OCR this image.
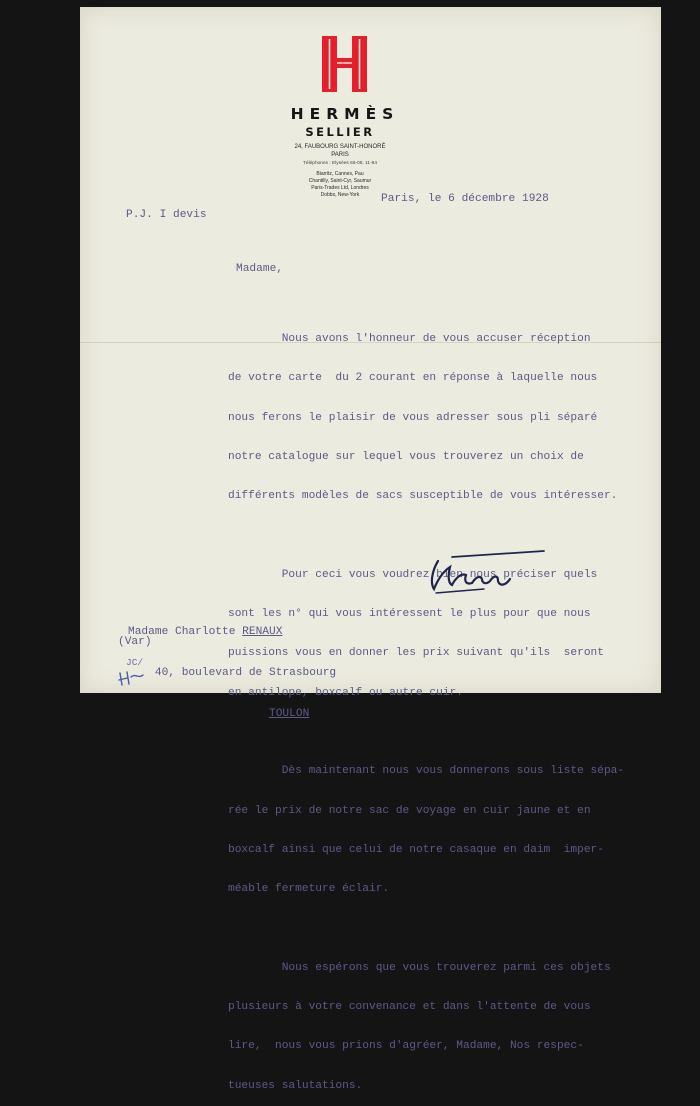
HERMÈS
SELLIER
24, FAUBOURG SAINT-HONORÉ
PARIS
Téléphones : Elysées 66-08, 11-94
Biarritz, Cannes, Pau
Chantilly, Saint-Cyr, Saumur
Paris-Trades Ltd, Londres
Dobbs, New-York	Paris, le 6 décembre 1928
P.J. I devis
Madame,

Nous avons l'honneur de vous accuser réception

de votre carte  du 2 courant en réponse à laquelle nous

nous ferons le plaisir de vous adresser sous pli séparé

notre catalogue sur lequel vous trouverez un choix de

différents modèles de sacs susceptible de vous intéresser.

Pour ceci vous voudrez bien nous préciser quels

sont les n° qui vous intéressent le plus pour que nous

puissions vous en donner les prix suivant qu'ils  seront

en antilope, boxcalf ou autre cuir.

Dès maintenant nous vous donnerons sous liste sépa-

rée le prix de notre sac de voyage en cuir jaune et en

boxcalf ainsi que celui de notre casaque en daim  imper-

méable fermeture éclair.

Nous espérons que vous trouverez parmi ces objets

plusieurs à votre convenance et dans l'attente de vous

lire,  nous vous prions d'agréer, Madame, Nos respec-

tueuses salutations.

Madame Charlotte RENAUX

40, boulevard de Strasbourg

TOULON

(Var)
JC/
